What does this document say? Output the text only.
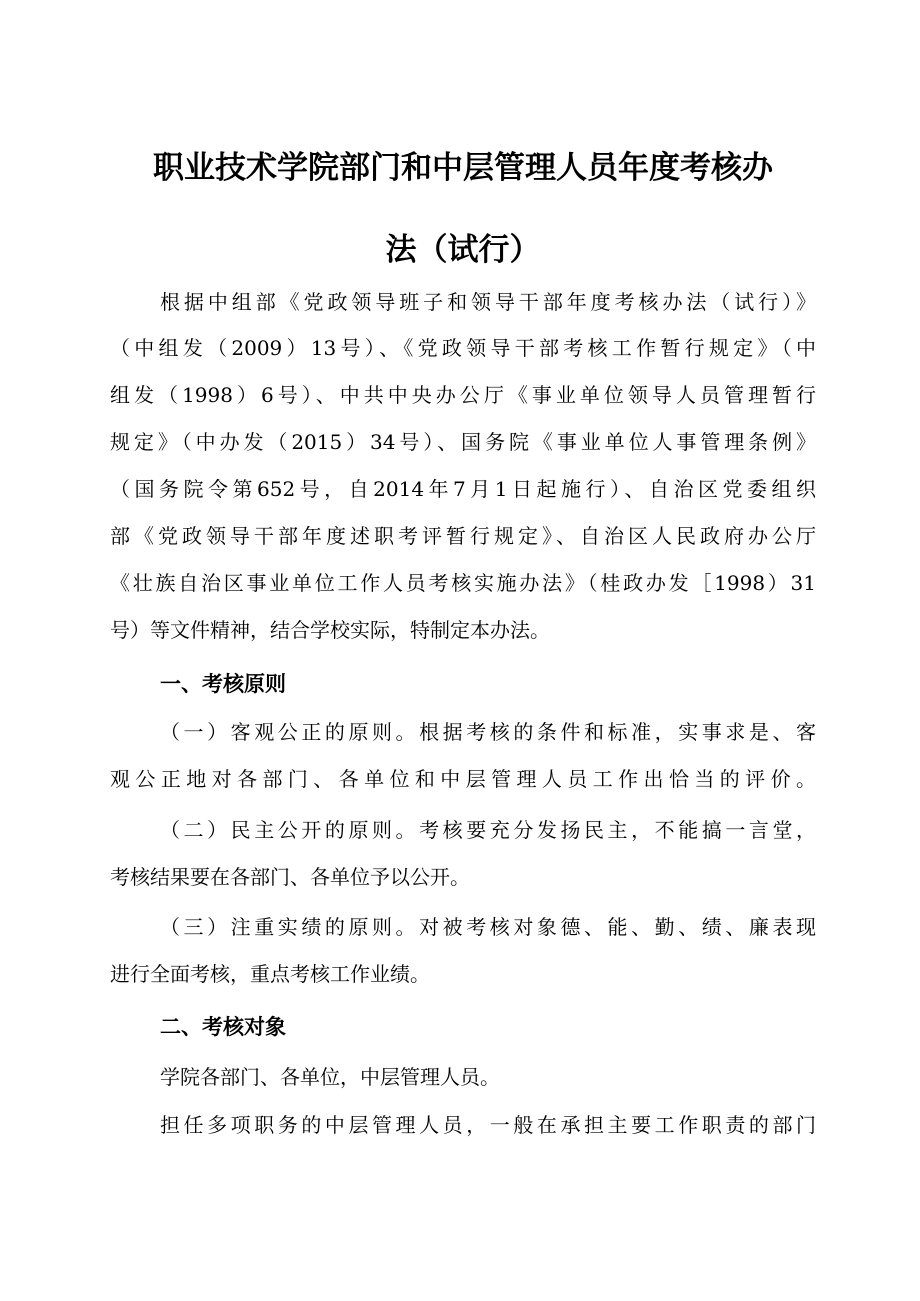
职业技术学院部门和中层管理人员年度考核办
法（试行）
根据中组部《党政领导班子和领导干部年度考核办法（试行）》
（中组发（2009）13号）、《党政领导干部考核工作暂行规定》（中
组发（1998）6号）、中共中央办公厅《事业单位领导人员管理暂行
规定》（中办发（2015）34号）、国务院《事业单位人事管理条例》
（国务院令第652号，自2014年7月1日起施行）、自治区党委组织
部《党政领导干部年度述职考评暂行规定》、自治区人民政府办公厅
《壮族自治区事业单位工作人员考核实施办法》（桂政办发［1998）31
号）等文件精神，结合学校实际，特制定本办法。
一、考核原则
（一）客观公正的原则。根据考核的条件和标准，实事求是、客
观公正地对各部门、各单位和中层管理人员工作出恰当的评价。
（二）民主公开的原则。考核要充分发扬民主，不能搞一言堂，
考核结果要在各部门、各单位予以公开。
（三）注重实绩的原则。对被考核对象德、能、勤、绩、廉表现
进行全面考核，重点考核工作业绩。
二、考核对象
学院各部门、各单位，中层管理人员。
担任多项职务的中层管理人员，一般在承担主要工作职责的部门
